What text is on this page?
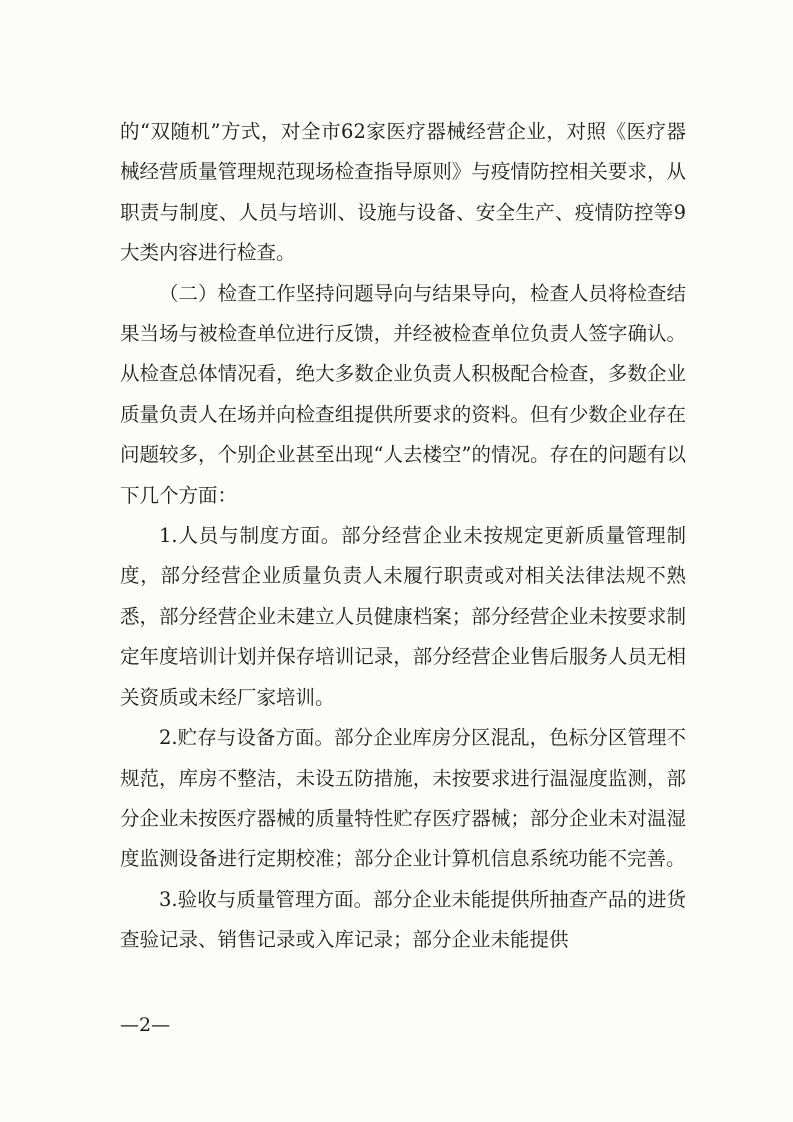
的“双随机”方式，对全市62家医疗器械经营企业，对照《医疗器械经营质量管理规范现场检查指导原则》与疫情防控相关要求，从职责与制度、人员与培训、设施与设备、安全生产、疫情防控等9大类内容进行检查。

（二）检查工作坚持问题导向与结果导向，检查人员将检查结果当场与被检查单位进行反馈，并经被检查单位负责人签字确认。从检查总体情况看，绝大多数企业负责人积极配合检查，多数企业质量负责人在场并向检查组提供所要求的资料。但有少数企业存在问题较多，个别企业甚至出现“人去楼空”的情况。存在的问题有以下几个方面：

1.人员与制度方面。部分经营企业未按规定更新质量管理制度，部分经营企业质量负责人未履行职责或对相关法律法规不熟悉，部分经营企业未建立人员健康档案；部分经营企业未按要求制定年度培训计划并保存培训记录，部分经营企业售后服务人员无相关资质或未经厂家培训。

2.贮存与设备方面。部分企业库房分区混乱，色标分区管理不规范，库房不整洁，未设五防措施，未按要求进行温湿度监测，部分企业未按医疗器械的质量特性贮存医疗器械；部分企业未对温湿度监测设备进行定期校准；部分企业计算机信息系统功能不完善。

3.验收与质量管理方面。部分企业未能提供所抽查产品的进货查验记录、销售记录或入库记录；部分企业未能提供

—2—
